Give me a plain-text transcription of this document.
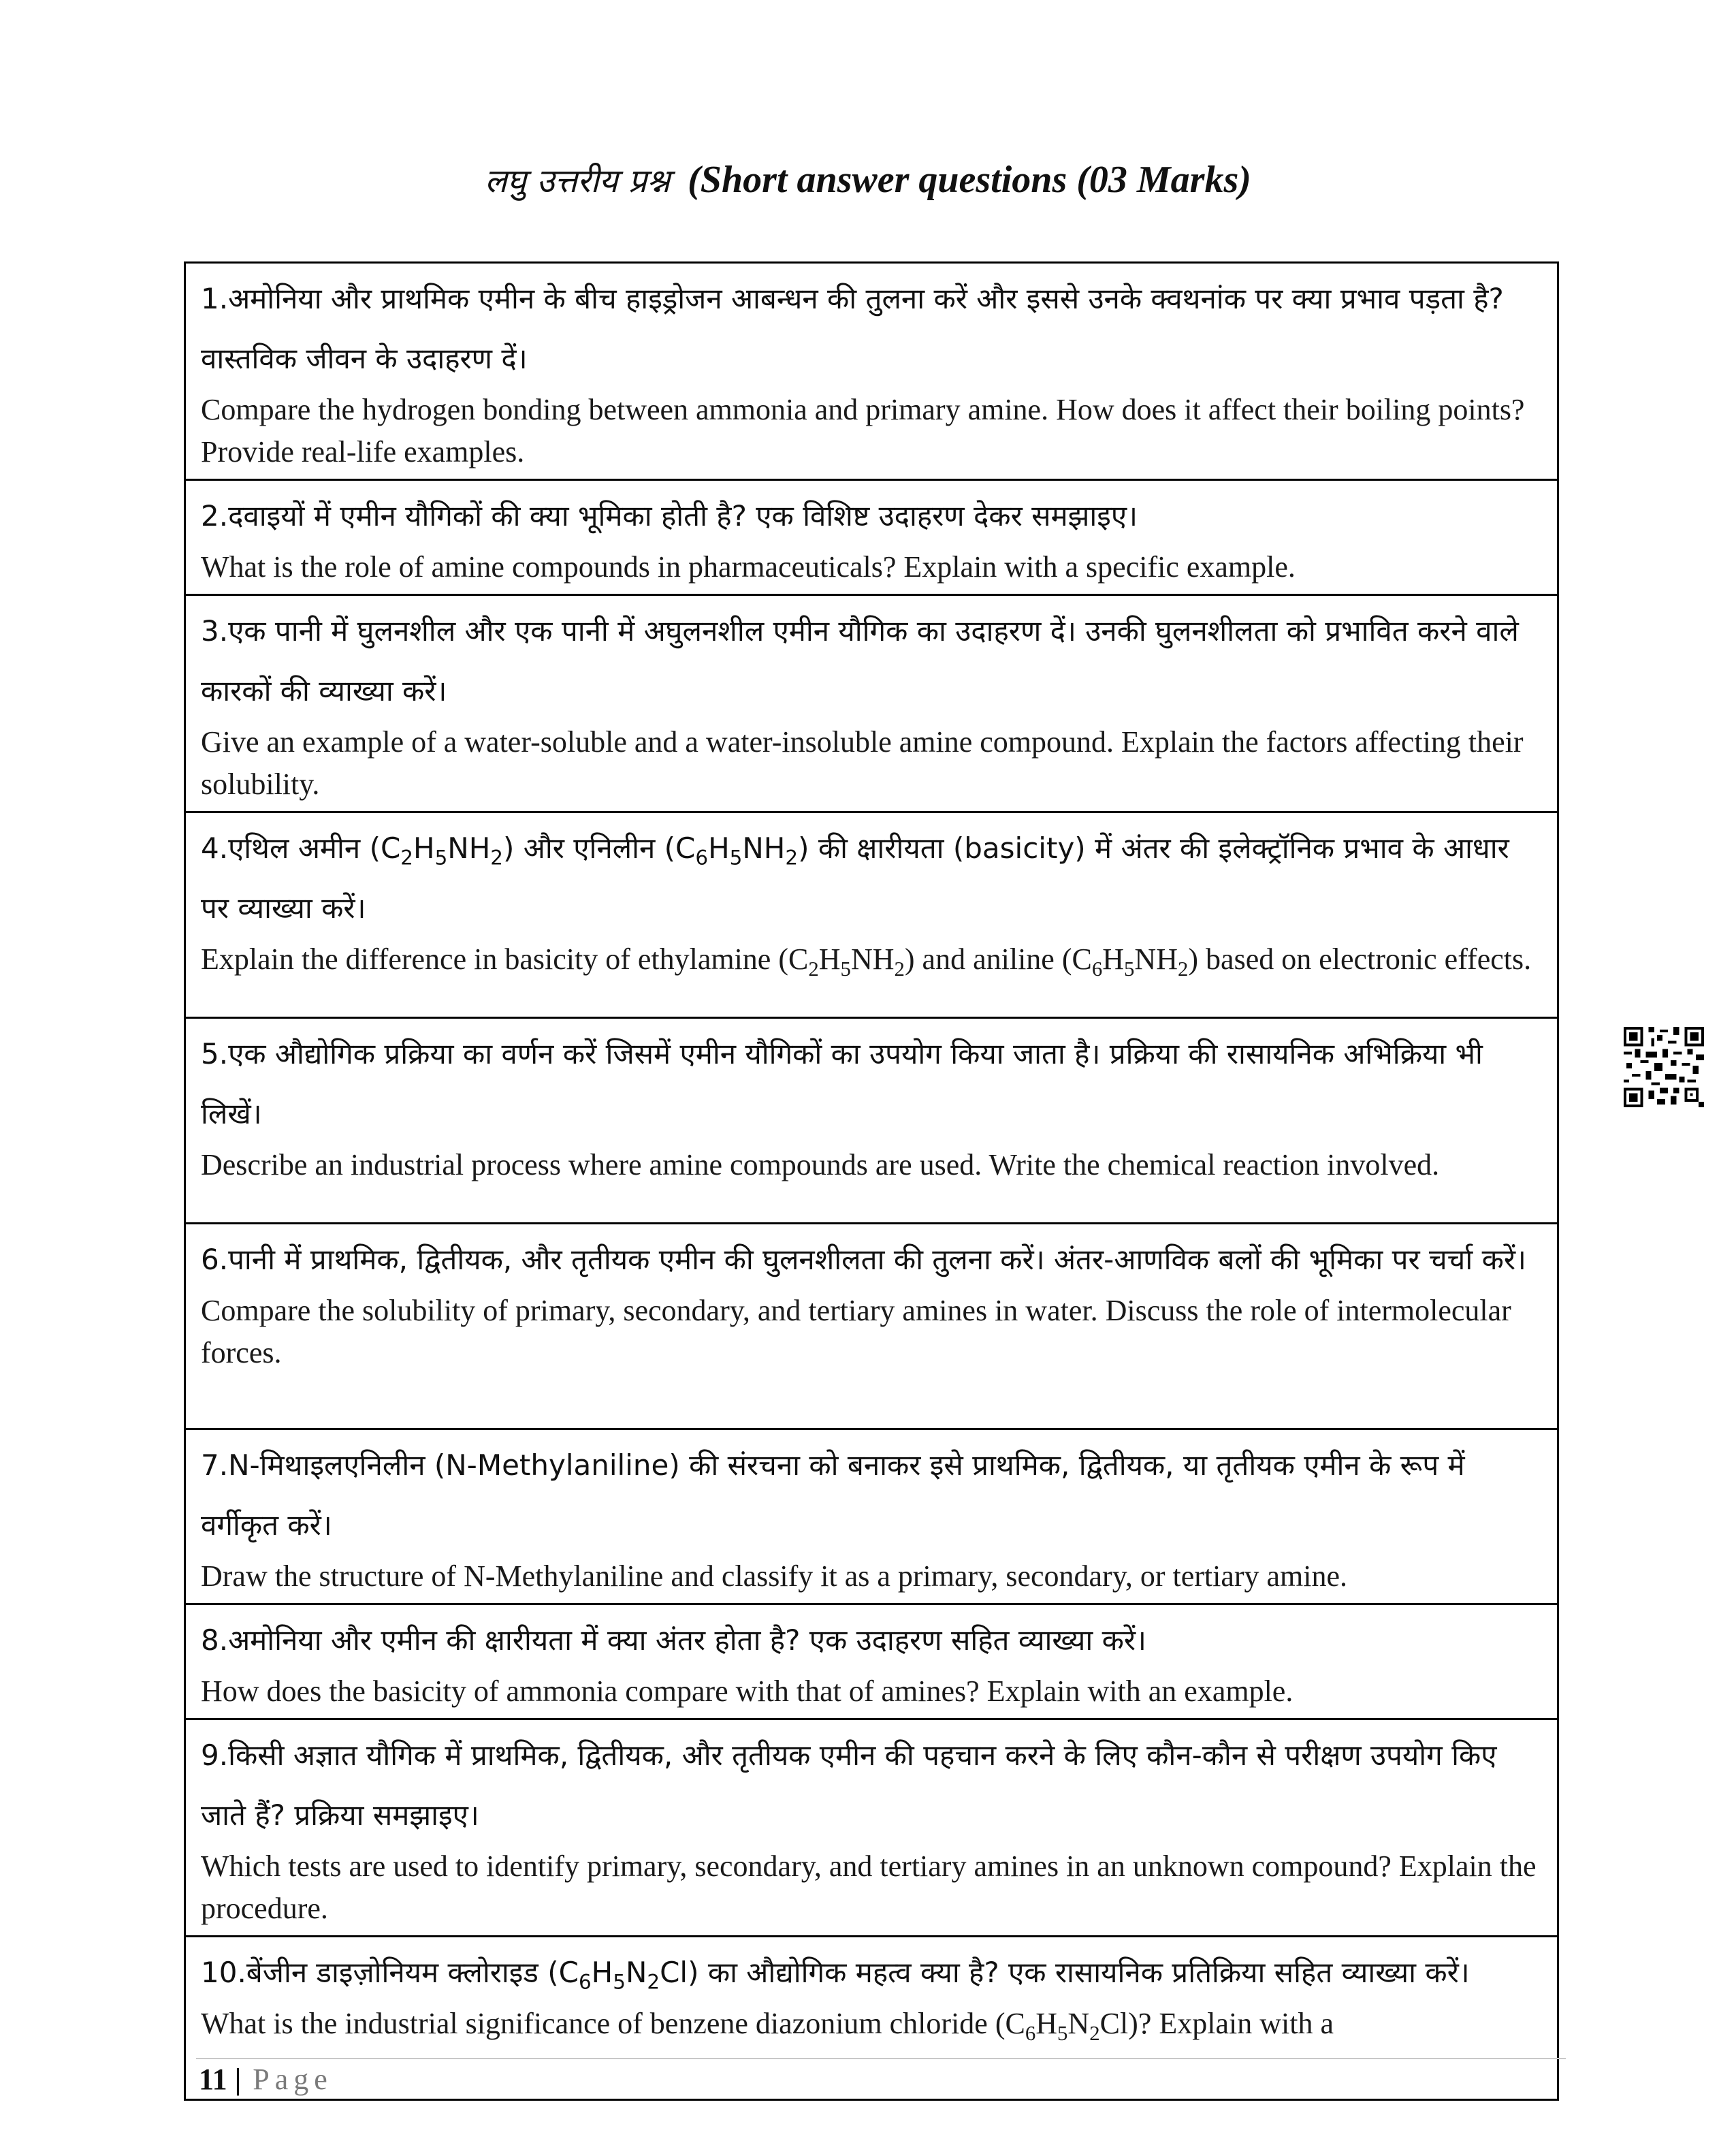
लघु उत्तरीय प्रश्न (Short answer questions (03 Marks)

1.अमोनिया और प्राथमिक एमीन के बीच हाइड्रोजन आबन्धन की तुलना करें और इससे उनके क्वथनांक पर क्या प्रभाव पड़ता है? वास्तविक जीवन के उदाहरण दें।

Compare the hydrogen bonding between ammonia and primary amine. How does it affect their boiling points? Provide real-life examples.

2.दवाइयों में एमीन यौगिकों की क्या भूमिका होती है? एक विशिष्ट उदाहरण देकर समझाइए।

What is the role of amine compounds in pharmaceuticals? Explain with a specific example.

3.एक पानी में घुलनशील और एक पानी में अघुलनशील एमीन यौगिक का उदाहरण दें। उनकी घुलनशीलता को प्रभावित करने वाले कारकों की व्याख्या करें।

Give an example of a water-soluble and a water-insoluble amine compound. Explain the factors affecting their solubility.

4.एथिल अमीन $(C_2H_5NH_2)$ और एनिलीन $(C_6H_5NH_2)$ की क्षारीयता (basicity) में अंतर की इलेक्ट्रॉनिक प्रभाव के आधार पर व्याख्या करें।

Explain the difference in basicity of ethylamine $(C_2H_5NH_2)$ and aniline $(C_6H_5NH_2)$ based on electronic effects.

5.एक औद्योगिक प्रक्रिया का वर्णन करें जिसमें एमीन यौगिकों का उपयोग किया जाता है। प्रक्रिया की रासायनिक अभिक्रिया भी लिखें।

Describe an industrial process where amine compounds are used. Write the chemical reaction involved.

6.पानी में प्राथमिक, द्वितीयक, और तृतीयक एमीन की घुलनशीलता की तुलना करें। अंतर-आणविक बलों की भूमिका पर चर्चा करें।

Compare the solubility of primary, secondary, and tertiary amines in water. Discuss the role of intermolecular forces.

7.N-मिथाइलएनिलीन (N-Methylaniline) की संरचना को बनाकर इसे प्राथमिक, द्वितीयक, या तृतीयक एमीन के रूप में वर्गीकृत करें।

Draw the structure of N-Methylaniline and classify it as a primary, secondary, or tertiary amine.

8.अमोनिया और एमीन की क्षारीयता में क्या अंतर होता है? एक उदाहरण सहित व्याख्या करें।

How does the basicity of ammonia compare with that of amines? Explain with an example.

9.किसी अज्ञात यौगिक में प्राथमिक, द्वितीयक, और तृतीयक एमीन की पहचान करने के लिए कौन-कौन से परीक्षण उपयोग किए जाते हैं? प्रक्रिया समझाइए।

Which tests are used to identify primary, secondary, and tertiary amines in an unknown compound? Explain the procedure.

10.बेंजीन डाइज़ोनियम क्लोराइड $(C_6H_5N_2Cl)$ का औद्योगिक महत्व क्या है? एक रासायनिक प्रतिक्रिया सहित व्याख्या करें।

What is the industrial significance of benzene diazonium chloride $(C_6H_5N_2Cl)$? Explain with a

11 | Page
